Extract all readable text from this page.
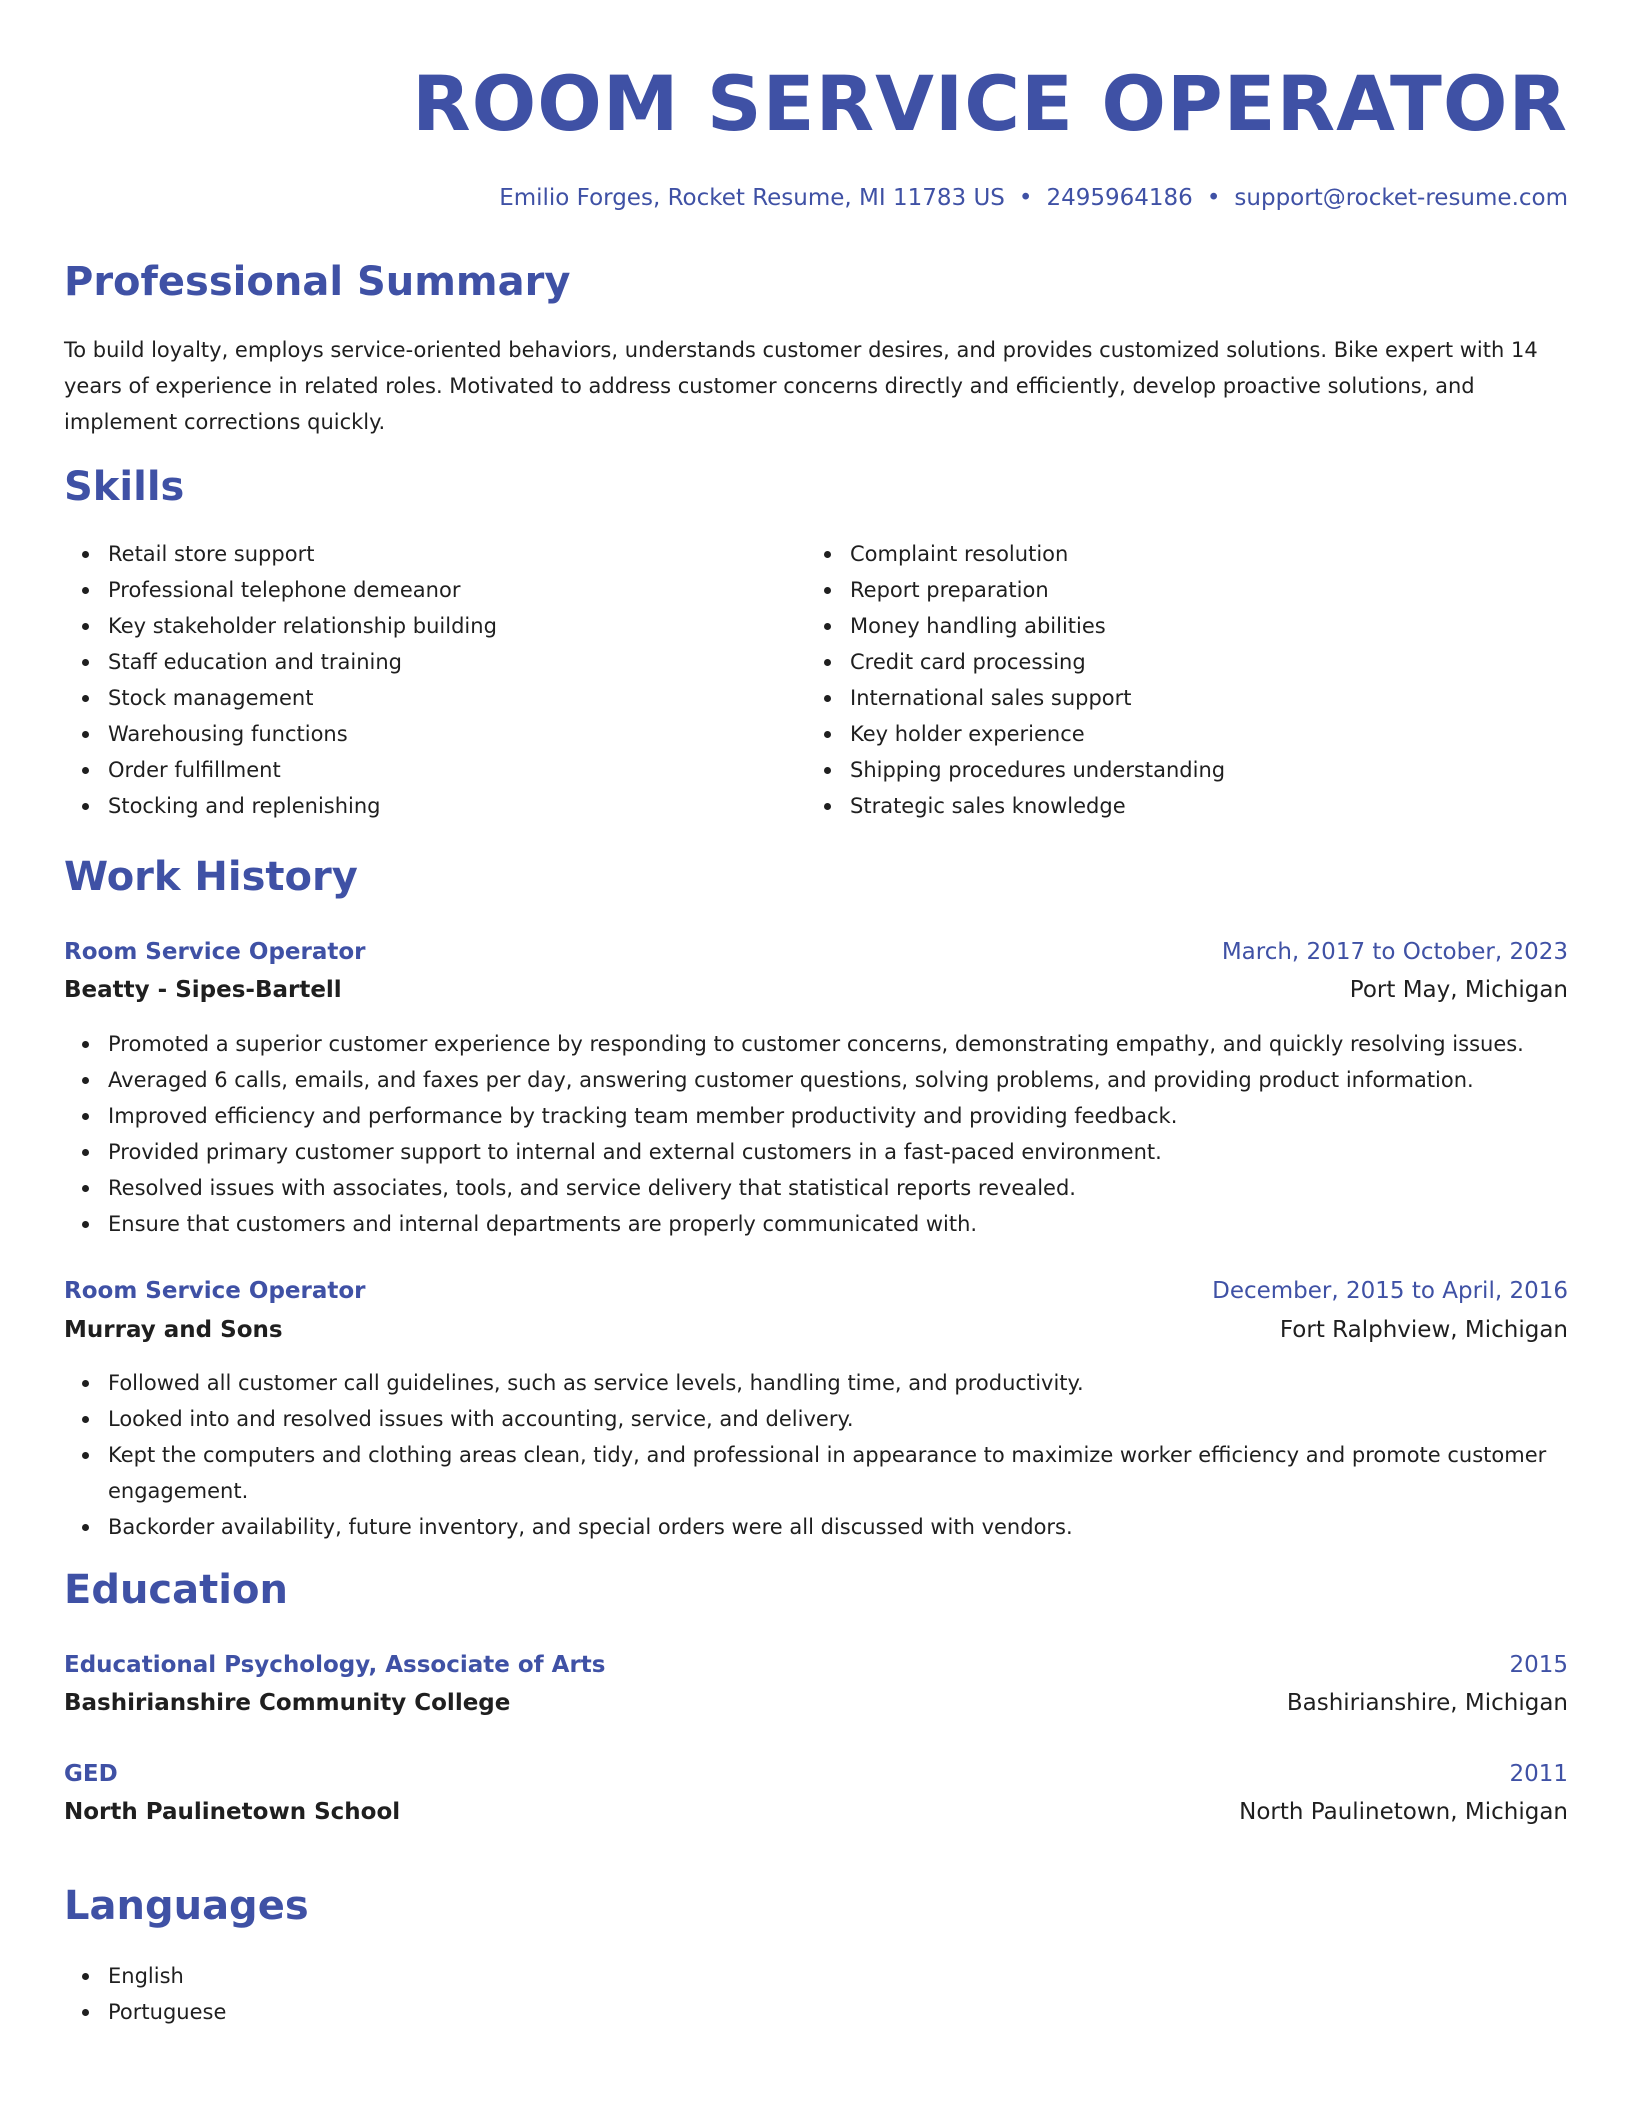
ROOM SERVICE OPERATOR
Emilio Forges, Rocket Resume, MI 11783 US • 2495964186 • support@rocket-resume.com
Professional Summary

To build loyalty, employs service-oriented behaviors, understands customer desires, and provides customized solutions. Bike expert with 14 years of experience in related roles. Motivated to address customer concerns directly and efficiently, develop proactive solutions, and implement corrections quickly.

Skills
Retail store support
Professional telephone demeanor
Key stakeholder relationship building
Staff education and training
Stock management
Warehousing functions
Order fulfillment
Stocking and replenishing
Complaint resolution
Report preparation
Money handling abilities
Credit card processing
International sales support
Key holder experience
Shipping procedures understanding
Strategic sales knowledge
Work History
Room Service Operator	March, 2017 to October, 2023
Beatty - Sipes-Bartell	Port May, Michigan
Promoted a superior customer experience by responding to customer concerns, demonstrating empathy, and quickly resolving issues.
Averaged 6 calls, emails, and faxes per day, answering customer questions, solving problems, and providing product information.
Improved efficiency and performance by tracking team member productivity and providing feedback.
Provided primary customer support to internal and external customers in a fast-paced environment.
Resolved issues with associates, tools, and service delivery that statistical reports revealed.
Ensure that customers and internal departments are properly communicated with.
Room Service Operator	December, 2015 to April, 2016
Murray and Sons	Fort Ralphview, Michigan
Followed all customer call guidelines, such as service levels, handling time, and productivity.
Looked into and resolved issues with accounting, service, and delivery.
Kept the computers and clothing areas clean, tidy, and professional in appearance to maximize worker efficiency and promote customer engagement.
Backorder availability, future inventory, and special orders were all discussed with vendors.
Education
Educational Psychology, Associate of Arts	2015
Bashirianshire Community College	Bashirianshire, Michigan
GED	2011
North Paulinetown School	North Paulinetown, Michigan
Languages
English
Portuguese
